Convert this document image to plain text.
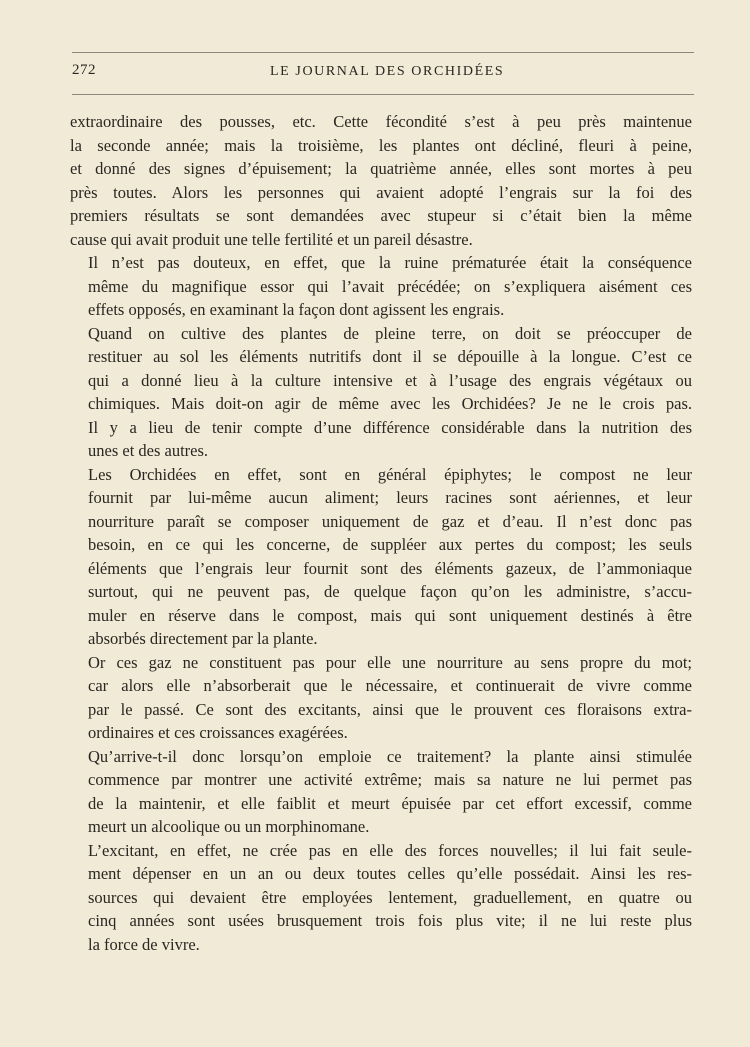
272	LE JOURNAL DES ORCHIDÉES

extraordinaire des pousses, etc. Cette fécondité s’est à peu près maintenue
la seconde année; mais la troisième, les plantes ont décliné, fleuri à peine,
et donné des signes d’épuisement; la quatrième année, elles sont mortes à peu
près toutes. Alors les personnes qui avaient adopté l’engrais sur la foi des
premiers résultats se sont demandées avec stupeur si c’était bien la même
cause qui avait produit une telle fertilité et un pareil désastre.

Il n’est pas douteux, en effet, que la ruine prématurée était la conséquence
même du magnifique essor qui l’avait précédée; on s’expliquera aisément ces
effets opposés, en examinant la façon dont agissent les engrais.

Quand on cultive des plantes de pleine terre, on doit se préoccuper de
restituer au sol les éléments nutritifs dont il se dépouille à la longue. C’est ce
qui a donné lieu à la culture intensive et à l’usage des engrais végétaux ou
chimiques. Mais doit-on agir de même avec les Orchidées? Je ne le crois pas.
Il y a lieu de tenir compte d’une différence considérable dans la nutrition des
unes et des autres.

Les Orchidées en effet, sont en général épiphytes; le compost ne leur
fournit par lui-même aucun aliment; leurs racines sont aériennes, et leur
nourriture paraît se composer uniquement de gaz et d’eau. Il n’est donc pas
besoin, en ce qui les concerne, de suppléer aux pertes du compost; les seuls
éléments que l’engrais leur fournit sont des éléments gazeux, de l’ammoniaque
surtout, qui ne peuvent pas, de quelque façon qu’on les administre, s’accu-
muler en réserve dans le compost, mais qui sont uniquement destinés à être
absorbés directement par la plante.

Or ces gaz ne constituent pas pour elle une nourriture au sens propre du mot;
car alors elle n’absorberait que le nécessaire, et continuerait de vivre comme
par le passé. Ce sont des excitants, ainsi que le prouvent ces floraisons extra-
ordinaires et ces croissances exagérées.

Qu’arrive-t-il donc lorsqu’on emploie ce traitement? la plante ainsi stimulée
commence par montrer une activité extrême; mais sa nature ne lui permet pas
de la maintenir, et elle faiblit et meurt épuisée par cet effort excessif, comme
meurt un alcoolique ou un morphinomane.

L’excitant, en effet, ne crée pas en elle des forces nouvelles; il lui fait seule-
ment dépenser en un an ou deux toutes celles qu’elle possédait. Ainsi les res-
sources qui devaient être employées lentement, graduellement, en quatre ou
cinq années sont usées brusquement trois fois plus vite; il ne lui reste plus
la force de vivre.
